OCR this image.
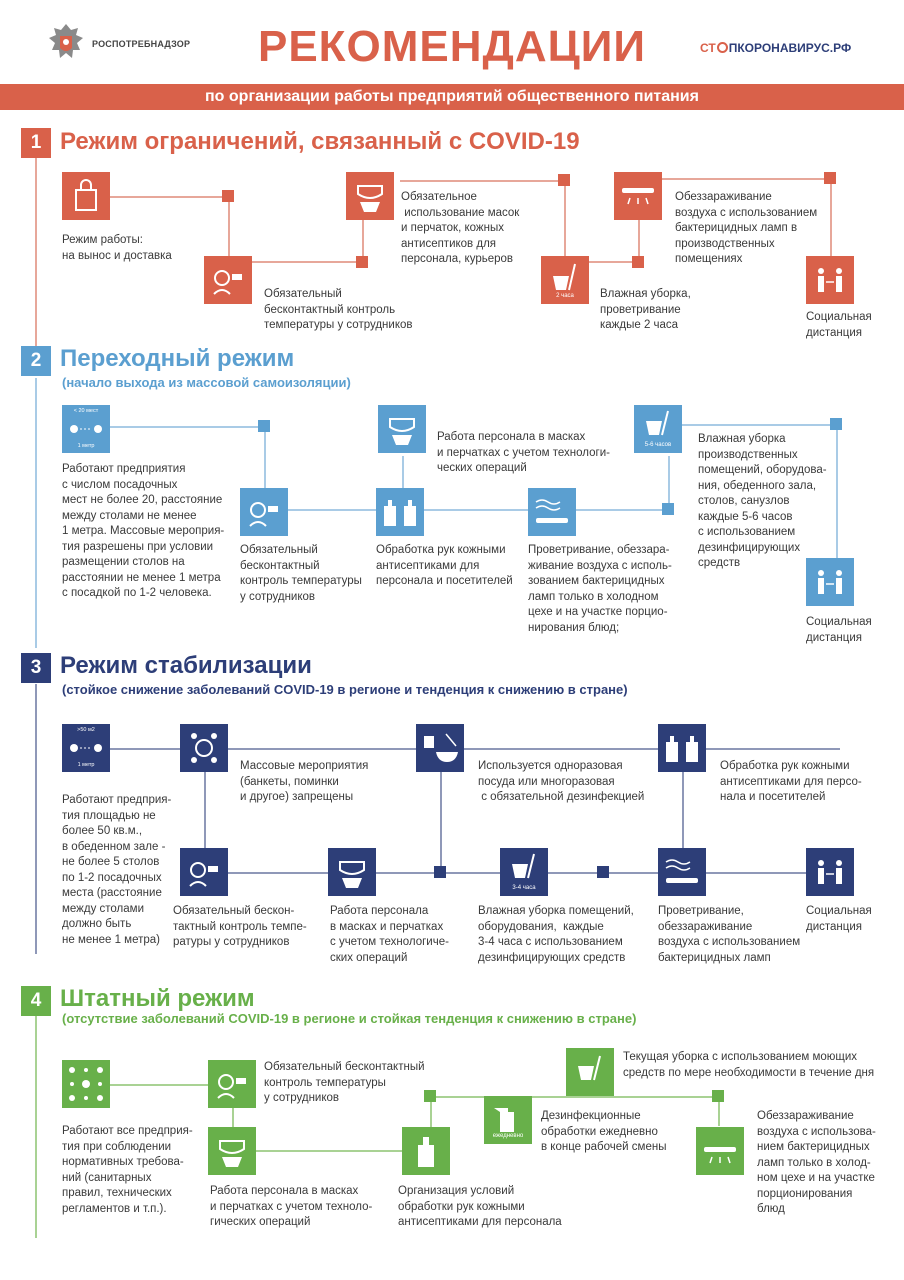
РОСПОТРЕБНАДЗОР	РЕКОМЕНДАЦИИ	СТ ПКОРОНАВИРУС.РФ
по организации работы предприятий общественного питания
1 Режим ограничений, связанный с COVID-19
Режим работы:
на вынос и доставка
Обязательный
бесконтактный контроль
температуры у сотрудников
Обязательное
использование масок
и перчаток, кожных
антисептиков для
персонала, курьеров
2 часа	Влажная уборка,
проветривание
каждые 2 часа
Обеззараживание
воздуха с использованием
бактерицидных ламп в
производственных
помещениях
Социальная
дистанция
2 Переходный режим
(начало выхода из массовой самоизоляции)
< 20 мест
1 метр
Работают предприятия
с числом посадочных
мест не более 20, расстояние
между столами не менее
1 метра. Массовые мероприя-
тия разрешены при условии
размещении столов на
расстоянии не менее 1 метра
с посадкой по 1-2 человека.
Обязательный
бесконтактный
контроль температуры
у сотрудников
Работа персонала в масках
и перчатках с учетом технологи-
ческих операций
Обработка рук кожными
антисептиками для
персонала и посетителей
Проветривание, обеззара-
живание воздуха с исполь-
зованием бактерицидных
ламп только в холодном
цехе и на участке порцио-
нирования блюд;
5-6 часов	Влажная уборка
производственных
помещений, оборудова-
ния, обеденного зала,
столов, санузлов
каждые 5-6 часов
с использованием
дезинфицирующих
средств
Социальная
дистанция
3 Режим стабилизации
(стойкое снижение заболеваний COVID-19 в регионе и тенденция к снижению в стране)
>50 м2
1 метр
Работают предприя-
тия площадью не
более 50 кв.м.,
в обеденном зале -
не более 5 столов
по 1-2 посадочных
места (расстояние
между столами
должно быть
не менее 1 метра)
Массовые мероприятия
(банкеты, поминки
и другое) запрещены
Используется одноразовая
посуда или многоразовая
с обязательной дезинфекцией
Обработка рук кожными
антисептиками для персо-
нала и посетителей
Обязательный бескон-
тактный контроль темпе-
ратуры у сотрудников
Работа персонала
в масках и перчатках
с учетом технологиче-
ских операций
3-4 часа
Влажная уборка помещений,
оборудования,  каждые
3-4 часа с использованием
дезинфицирующих средств
Проветривание,
обеззараживание
воздуха с использованием
бактерицидных ламп
Социальная
дистанция
4 Штатный режим
(отсутствие заболеваний COVID-19 в регионе и стойкая тенденция к снижению в стране)
Работают все предприя-
тия при соблюдении
нормативных требова-
ний (санитарных
правил, технических
регламентов и т.п.).
Обязательный бесконтактный
контроль температуры
у сотрудников
Работа персонала в масках
и перчатках с учетом техноло-
гических операций
Организация условий
обработки рук кожными
антисептиками для персонала
ежедневно
Дезинфекционные
обработки ежедневно
в конце рабочей смены
Текущая уборка с использованием моющих
средств по мере необходимости в течение дня
Обеззараживание
воздуха с использова-
нием бактерицидных
ламп только в холод-
ном цехе и на участке
порционирования
блюд
